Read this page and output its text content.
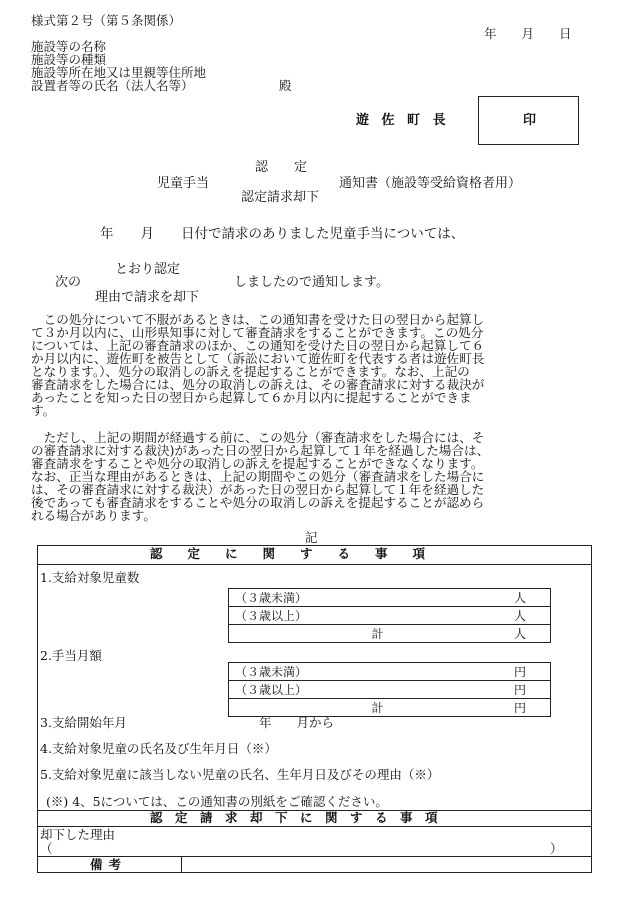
様式第２号（第５条関係）
年　　月　　日
施設等の名称
施設等の種類
施設等所在地又は里親等住所地
設置者等の氏名（法人名等）	殿
遊 佐 町 長	印
認　　定
児童手当	通知書（施設等受給資格者用）
認定請求却下
年　　月　　日付で請求のありました児童手当については、
とおり認定
次の	しましたので通知します。
理由で請求を却下
　この処分について不服があるときは、この通知書を受けた日の翌日から起算し
て３か月以内に、山形県知事に対して審査請求をすることができます。この処分
については、上記の審査請求のほか、この通知を受けた日の翌日から起算して６
か月以内に、遊佐町を被告として（訴訟において遊佐町を代表する者は遊佐町長
となります。）、処分の取消しの訴えを提起することができます。なお、上記の
審査請求をした場合には、処分の取消しの訴えは、その審査請求に対する裁決が
あったことを知った日の翌日から起算して６か月以内に提起することができま
す。
　ただし、上記の期間が経過する前に、この処分（審査請求をした場合には、そ
の審査請求に対する裁決)があった日の翌日から起算して１年を経過した場合は、
審査請求をすることや処分の取消しの訴えを提起することができなくなります。
なお、正当な理由があるときは、上記の期間やこの処分（審査請求をした場合に
は、その審査請求に対する裁決）があった日の翌日から起算して１年を経過した
後であっても審査請求をすることや処分の取消しの訴えを提起することが認めら
れる場合があります。
記
認　　定　　に　　関　　す　　る　　事　　項
1.支給対象児童数
（３歳未満）	人
（３歳以上）	人
計	人
2.手当月額
（３歳未満）	円
（３歳以上）	円
計	円
3.支給開始年月	年　　月から
4.支給対象児童の氏名及び生年月日（※）
5.支給対象児童に該当しない児童の氏名、生年月日及びその理由（※）
(※) 4、5については、この通知書の別紙をご確認ください。
認　定　請　求　却　下　に　関　す　る　事　項
却下した理由
（	）
備考
